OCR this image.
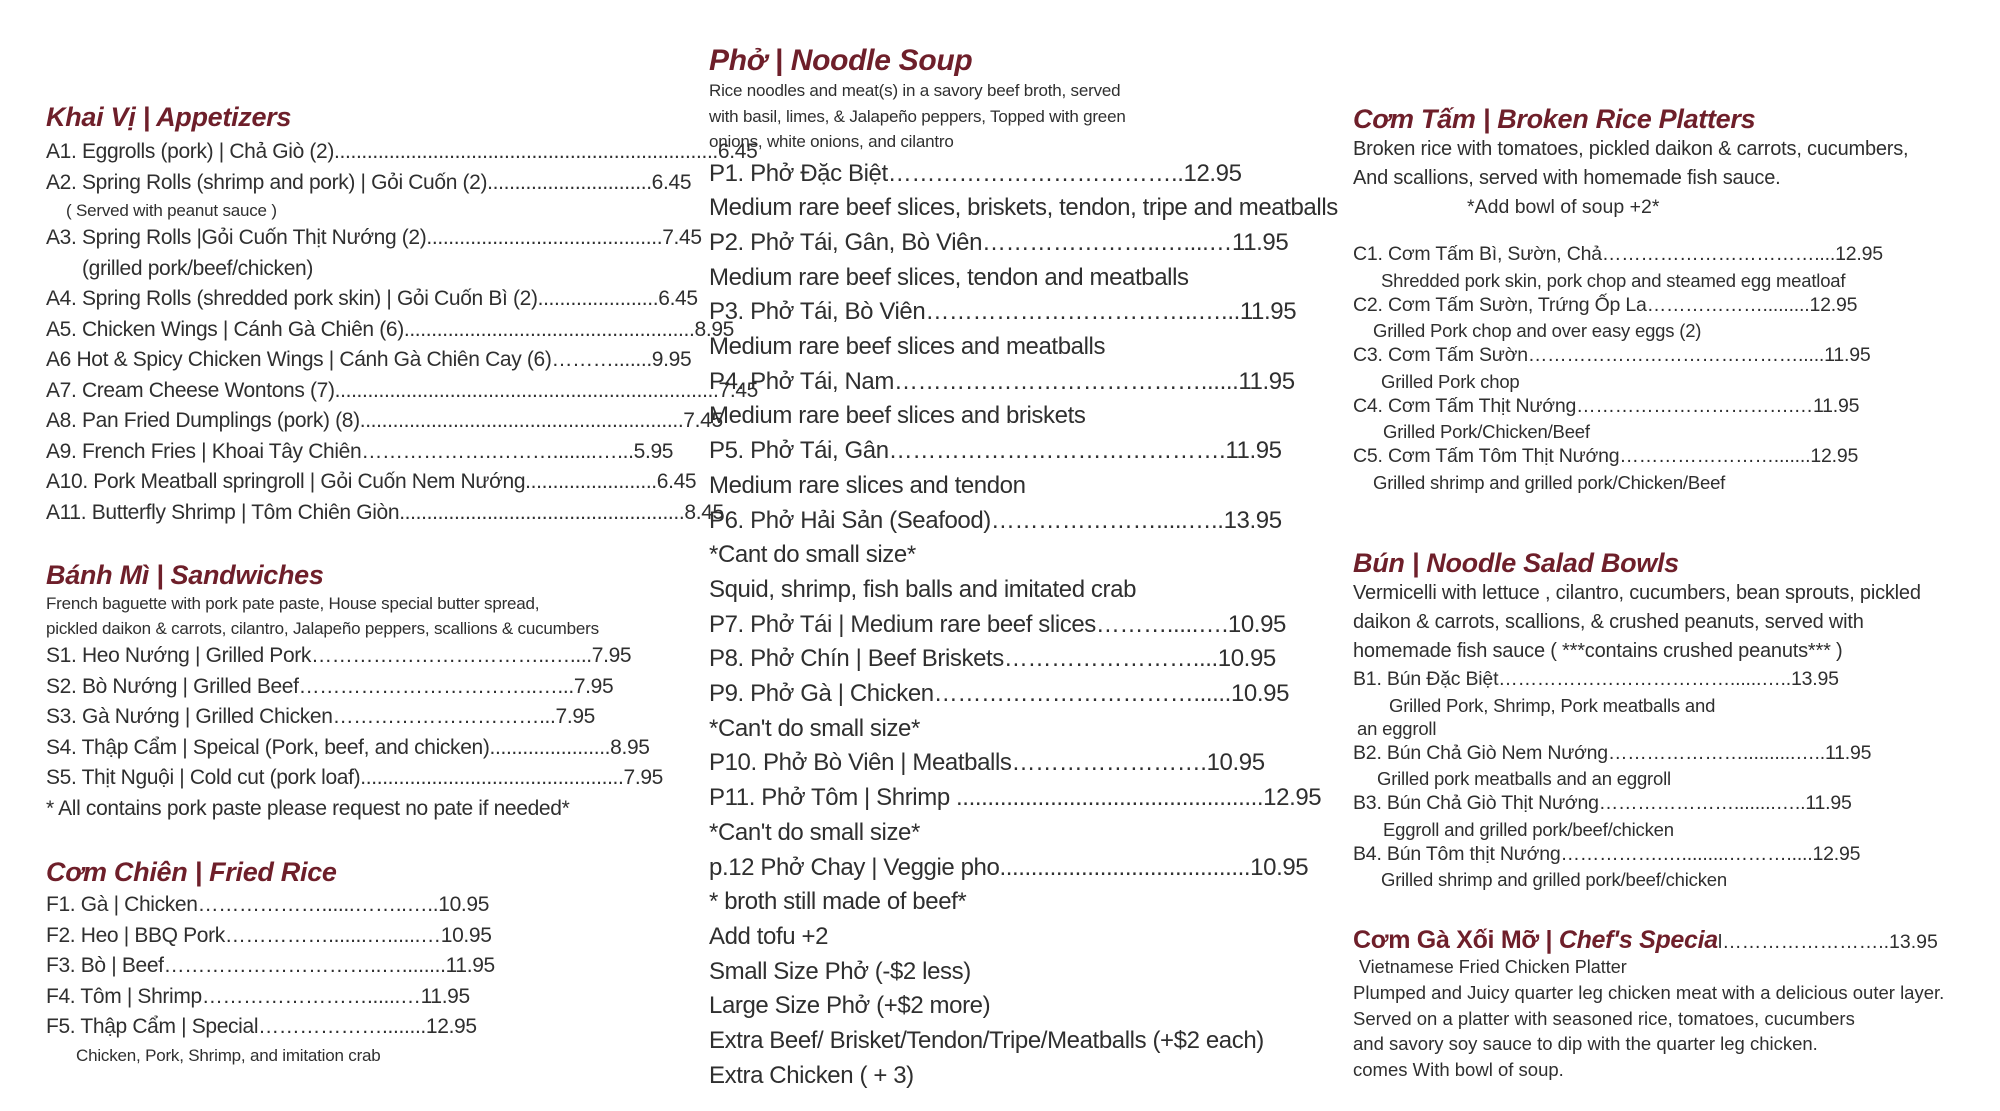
Khai Vị | Appetizers
A1. Eggrolls (pork) | Chả Giò (2)......................................................................6.45
A2. Spring Rolls (shrimp and pork) | Gỏi Cuốn (2)..............................6.45
( Served with peanut sauce )
A3. Spring Rolls |Gỏi Cuốn Thịt Nướng (2)...........................................7.45
(grilled pork/beef/chicken)
A4. Spring Rolls (shredded pork skin) | Gỏi Cuốn Bì (2)......................6.45
A5. Chicken Wings | Cánh Gà Chiên (6).....................................................8.95
A6 Hot & Spicy Chicken Wings | Cánh Gà Chiên Cay (6)……….......9.95
A7. Cream Cheese Wontons (7)......................................................................7.45
A8. Pan Fried Dumplings (pork) (8)...........................................................7.45
A9. French Fries | Khoai Tây Chiên……………….………........…...5.95
A10. Pork Meatball springroll | Gỏi Cuốn Nem Nướng........................6.45
A11. Butterfly Shrimp | Tôm Chiên Giòn....................................................8.45
Bánh Mì | Sandwiches
French baguette with pork pate paste, House special butter spread,
pickled daikon & carrots, cilantro, Jalapeño peppers, scallions & cucumbers
S1. Heo Nướng | Grilled Pork……………………………..…....7.95
S2. Bò Nướng | Grilled Beef……………………………..…...7.95
S3. Gà Nướng | Grilled Chicken…………………………...7.95
S4. Thập Cẩm | Speical (Pork, beef, and chicken)......................8.95
S5. Thịt Nguội | Cold cut (pork loaf)................................................7.95
* All contains pork paste please request no pate if needed*
Cơm Chiên | Fried Rice
F1. Gà | Chicken………………......……..…..10.95
F2. Heo | BBQ Pork…………….......…......…10.95
F3. Bò | Beef…………………………..…........11.95
F4. Tôm | Shrimp……………………......…11.95
F5. Thập Cẩm | Special………………........12.95
Chicken, Pork, Shrimp, and imitation crab
Phở | Noodle Soup
Rice noodles and meat(s) in a savory beef broth, served
with basil, limes, & Jalapeño peppers, Topped with green
onions, white onions, and cilantro
P1. Phở Đặc Biệt………………………………..12.95
Medium rare beef slices, briskets, tendon, tripe and meatballs
P2. Phở Tái, Gân, Bò Viên…………………..…....…11.95
Medium rare beef slices, tendon and meatballs
P3. Phở Tái, Bò Viên……………………………..…...11.95
Medium rare beef slices and meatballs
P4. Phở Tái, Nam…………………………………......11.95
Medium rare beef slices and briskets
P5. Phở Tái, Gân…………………………………….11.95
Medium rare slices and tendon
P6. Phở Hải Sản (Seafood)………………….....…..13.95
*Cant do small size*
Squid, shrimp, fish balls and imitated crab
P7. Phở Tái | Medium rare beef slices……….....….10.95
P8. Phở Chín | Beef Briskets……………………....10.95
P9. Phở Gà | Chicken……………………………......10.95
*Can't do small size*
P10. Phở Bò Viên | Meatballs…………………….10.95
P11. Phở Tôm | Shrimp .................................................12.95
*Can't do small size*
p.12 Phở Chay | Veggie pho........................................10.95
* broth still made of beef*
Add tofu +2
Small Size Phở (-$2 less)
Large Size Phở (+$2 more)
Extra Beef/ Brisket/Tendon/Tripe/Meatballs (+$2 each)
Extra Chicken ( + 3)
Cơm Tấm | Broken Rice Platters
Broken rice with tomatoes, pickled daikon & carrots, cucumbers,
And scallions, served with homemade fish sauce.
*Add bowl of soup +2*
C1. Cơm Tấm Bì, Sườn, Chả……………………………....12.95
Shredded pork skin, pork chop and steamed egg meatloaf
C2. Cơm Tấm Sườn, Trứng Ốp La……………….........12.95
Grilled Pork chop and over easy eggs (2)
C3. Cơm Tấm Sườn…………………………………….....11.95
Grilled Pork chop
C4. Cơm Tấm Thịt Nướng…………………………….…11.95
Grilled Pork/Chicken/Beef
C5. Cơm Tấm Tôm Thịt Nướng…………………….......12.95
Grilled shrimp and grilled pork/Chicken/Beef
Bún | Noodle Salad Bowls
Vermicelli with lettuce , cilantro, cucumbers, bean sprouts, pickled
daikon & carrots, scallions, & crushed peanuts, served with
homemade fish sauce ( ***contains crushed peanuts*** )
B1. Bún Đặc Biệt………………………………......…..13.95
Grilled Pork, Shrimp, Pork meatballs and
an eggroll
B2. Bún Chả Giò Nem Nướng…………………..........…..11.95
Grilled pork meatballs and an eggroll
B3. Bún Chả Giò Thịt Nướng…………………........…..11.95
Eggroll and grilled pork/beef/chicken
B4. Bún Tôm thịt Nướng…………….….........……….....12.95
Grilled shrimp and grilled pork/beef/chicken
Cơm Gà Xối Mỡ | Chef's Special……………………..13.95
Vietnamese Fried Chicken Platter
Plumped and Juicy quarter leg chicken meat with a delicious outer layer.
Served on a platter with seasoned rice, tomatoes, cucumbers
and savory soy sauce to dip with the quarter leg chicken.
comes With bowl of soup.
